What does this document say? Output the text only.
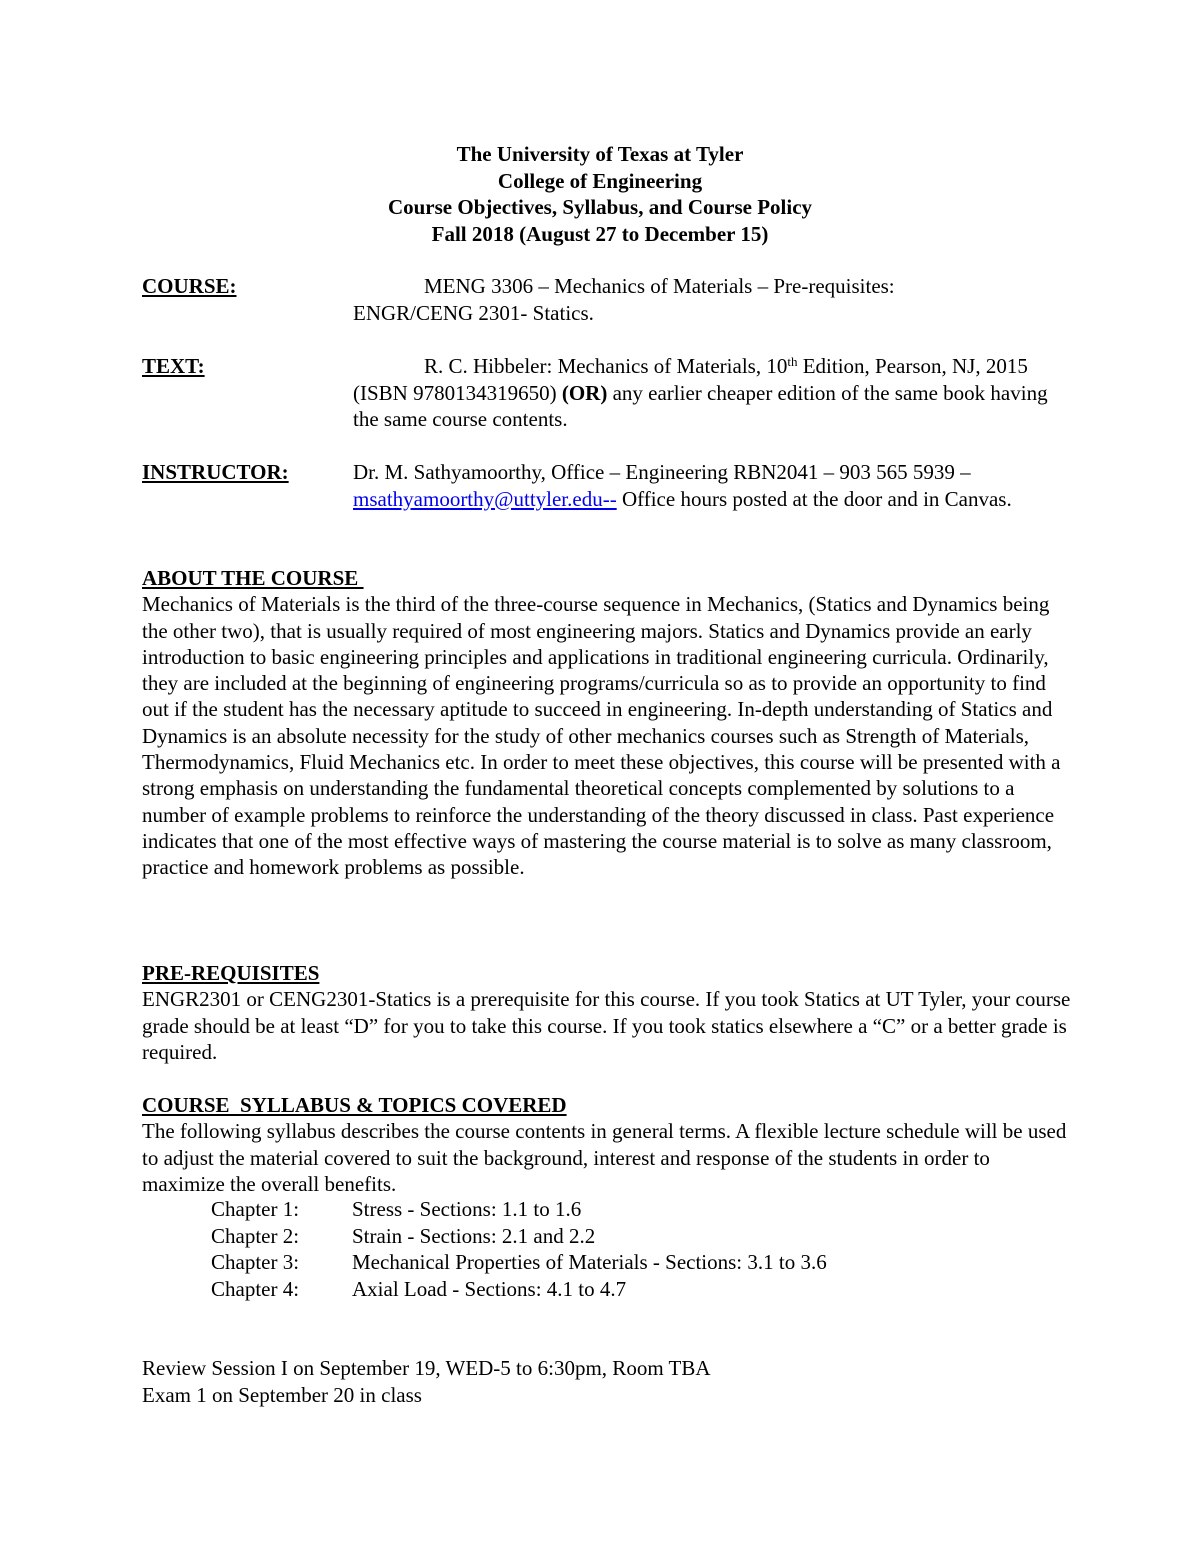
The University of Texas at Tyler
College of Engineering
Course Objectives, Syllabus, and Course Policy
Fall 2018 (August 27 to December 15)
COURSE:	MENG 3306 – Mechanics of Materials – Pre-requisites:
ENGR/CENG 2301- Statics.
TEXT:	R. C. Hibbeler: Mechanics of Materials, 10th Edition, Pearson, NJ, 2015 (ISBN 9780134319650) (OR) any earlier cheaper edition of the same book having the same course contents.
INSTRUCTOR:	Dr. M. Sathyamoorthy, Office – Engineering RBN2041 – 903 565 5939 – msathyamoorthy@uttyler.edu-- Office hours posted at the door and in Canvas.
ABOUT THE COURSE

Mechanics of Materials is the third of the three-course sequence in Mechanics, (Statics and Dynamics being the other two), that is usually required of most engineering majors. Statics and Dynamics provide an early introduction to basic engineering principles and applications in traditional engineering curricula. Ordinarily, they are included at the beginning of engineering programs/curricula so as to provide an opportunity to find out if the student has the necessary aptitude to succeed in engineering. In-depth understanding of Statics and Dynamics is an absolute necessity for the study of other mechanics courses such as Strength of Materials, Thermodynamics, Fluid Mechanics etc. In order to meet these objectives, this course will be presented with a strong emphasis on understanding the fundamental theoretical concepts complemented by solutions to a number of example problems to reinforce the understanding of the theory discussed in class. Past experience indicates that one of the most effective ways of mastering the course material is to solve as many classroom, practice and homework problems as possible.

PRE-REQUISITES

ENGR2301 or CENG2301-Statics is a prerequisite for this course. If you took Statics at UT Tyler, your course grade should be at least “D” for you to take this course. If you took statics elsewhere a “C” or a better grade is required.

COURSE  SYLLABUS & TOPICS COVERED

The following syllabus describes the course contents in general terms. A flexible lecture schedule will be used to adjust the material covered to suit the background, interest and response of the students in order to maximize the overall benefits.

Chapter 1:	Stress - Sections: 1.1 to 1.6
Chapter 2:	Strain - Sections: 2.1 and 2.2
Chapter 3:	Mechanical Properties of Materials - Sections: 3.1 to 3.6
Chapter 4:	Axial Load - Sections: 4.1 to 4.7
Review Session I on September 19, WED-5 to 6:30pm, Room TBA
Exam 1 on September 20 in class
